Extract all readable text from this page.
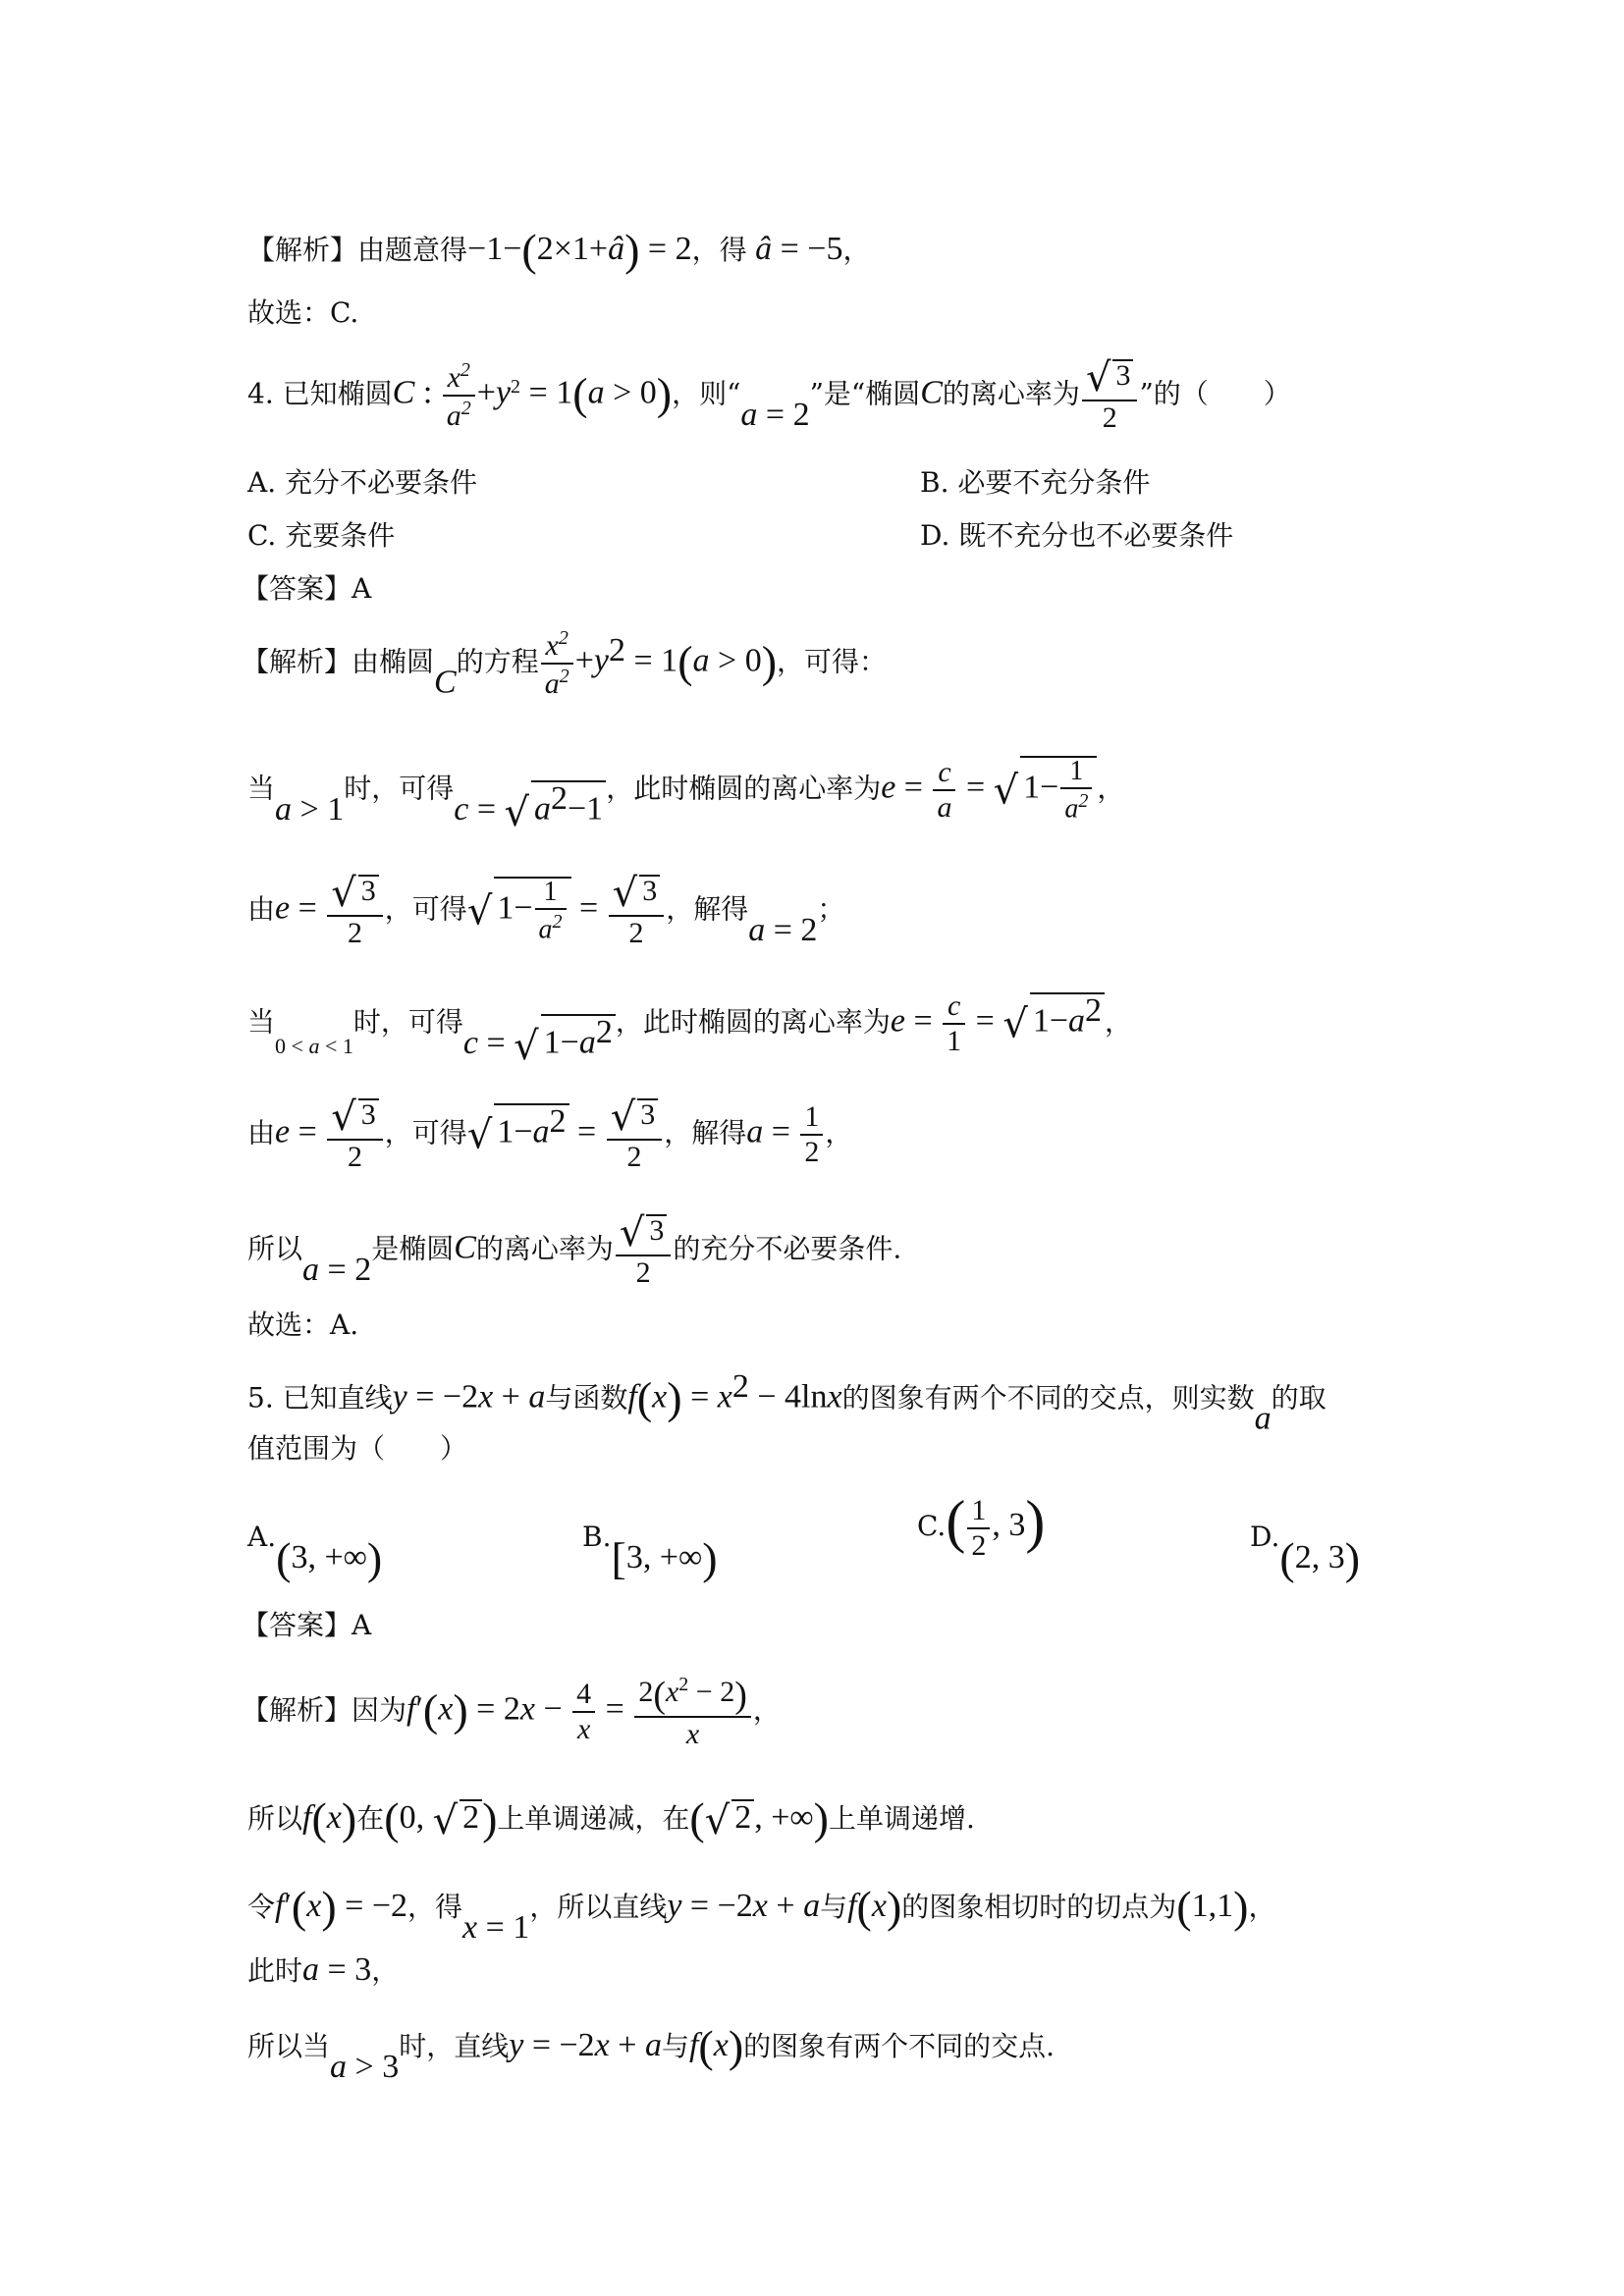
【解析】由题意得−1−(2×1+â) = 2，得 â = −5，
故选：C.
4. 已知椭圆C : $\frac{x^2}{a^2} +y^2 = 1(a > 0)$，则“a = 2”是“椭圆C的离心率为 $\frac{√ 3}{2}$ ”的（　　）
A. 充分不必要条件	B. 必要不充分条件
C. 充要条件	D. 既不充分也不必要条件
【答案】A
【解析】由椭圆C的方程 $\frac{x^2}{a^2} +y^2 = 1(a > 0)$，可得：
当a > 1时，可得c = √ $a^2-1$，此时椭圆的离心率为$e = \frac{c}{a}$ = √ $1- \frac{1}{a^2}$ ，
由$e = \frac{√ 3}{2}$ ，可得√ $1- \frac{1}{a^2} = \frac{√ 3}{2}$ ，解得a = 2；
当$_{0 < a < 1}$时，可得c = √ $1-a^2$ ，此时椭圆的离心率为$e = \frac{c}{1}$ = √ $1-a^2$ ，
由$e = \frac{√ 3}{2}$ ，可得√ $1-a^2 = \frac{√ 3}{2}$ ，解得$a = \frac{1}{2}$ ，
所以a = 2是椭圆C的离心率为 $\frac{√ 3}{2}$ 的充分不必要条件.
故选：A.
5. 已知直线y = −2x + a与函数$f(x) = x^2 - 4\ln x$的图象有两个不同的交点，则实数a的取
值范围为（　　）
A.(3, +∞)	B.[3, +∞)
$C.( \frac{1}{2}$ , 3)	D.(2, 3)
【答案】A
【解析】因为$f'(x) = 2x - \frac{4}{x} = \frac{2(x^2 - 2)}{x}$ ，
所以f(x)在(0, √ 2)上单调递减，在(√ 2, +∞)上单调递增.
令f′(x) = −2，得x = 1，所以直线y = −2x + a与f(x)的图象相切时的切点为(1,1)，
此时a = 3，
所以当a > 3时，直线y = −2x + a与f(x)的图象有两个不同的交点.
